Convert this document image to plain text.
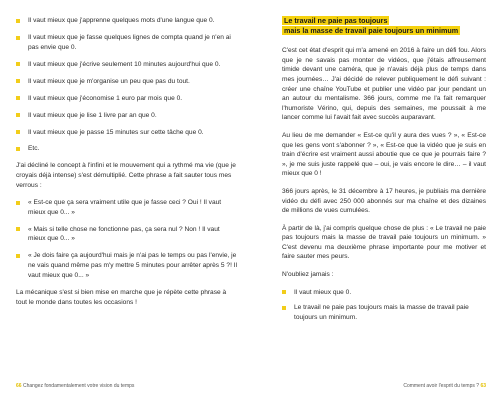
Il vaut mieux que j'apprenne quelques mots d'une langue que 0.
Il vaut mieux que je fasse quelques lignes de compta quand je n'en ai pas envie que 0.
Il vaut mieux que j'écrive seulement 10 minutes aujourd'hui que 0.
Il vaut mieux que je m'organise un peu que pas du tout.
Il vaut mieux que j'économise 1 euro par mois que 0.
Il vaut mieux que je lise 1 livre par an que 0.
Il vaut mieux que je passe 15 minutes sur cette tâche que 0.
Etc.

J'ai décliné le concept à l'infini et le mouvement qui a rythmé ma vie (que je croyais déjà intense) s'est démultiplié. Cette phrase a fait sauter tous mes verrous :

« Est-ce que ça sera vraiment utile que je fasse ceci ? Oui ! Il vaut mieux que 0... »
« Mais si telle chose ne fonctionne pas, ça sera nul ? Non ! Il vaut mieux que 0... »
« Je dois faire ça aujourd'hui mais je n'ai pas le temps ou pas l'envie, je ne vais quand même pas m'y mettre 5 minutes pour arrêter après 5 ?! Il vaut mieux que 0... »

La mécanique s'est si bien mise en marche que je répète cette phrase à tout le monde dans toutes les occasions !

66 Changez fondamentalement votre vision du temps
Le travail ne paie pas toujours
mais la masse de travail paie toujours un minimum

C'est cet état d'esprit qui m'a amené en 2016 à faire un défi fou. Alors que je ne savais pas monter de vidéos, que j'étais affreusement timide devant une caméra, que je n'avais déjà plus de temps dans mes journées… J'ai décidé de relever publiquement le défi suivant : créer une chaîne YouTube et publier une vidéo par jour pendant un an autour du mentalisme. 366 jours, comme me l'a fait remarquer l'humoriste Vérino, qui, depuis des semaines, me poussait à me lancer comme lui l'avait fait avec succès auparavant.

Au lieu de me demander « Est-ce qu'il y aura des vues ? », « Est-ce que les gens vont s'abonner ? », « Est-ce que la vidéo que je suis en train d'écrire est vraiment aussi aboutie que ce que je pourrais faire ? », je me suis juste rappelé que – oui, je vais encore le dire… – il vaut mieux que 0 !

366 jours après, le 31 décembre à 17 heures, je publiais ma dernière vidéo du défi avec 250 000 abonnés sur ma chaîne et des dizaines de millions de vues cumulées.

À partir de là, j'ai compris quelque chose de plus : « Le travail ne paie pas toujours mais la masse de travail paie toujours un minimum. » C'est devenu ma deuxième phrase importante pour me motiver et faire sauter mes peurs.

N'oubliez jamais :

Il vaut mieux que 0.
Le travail ne paie pas toujours mais la masse de travail paie toujours un minimum.
Comment avoir l'esprit du temps ? 63
